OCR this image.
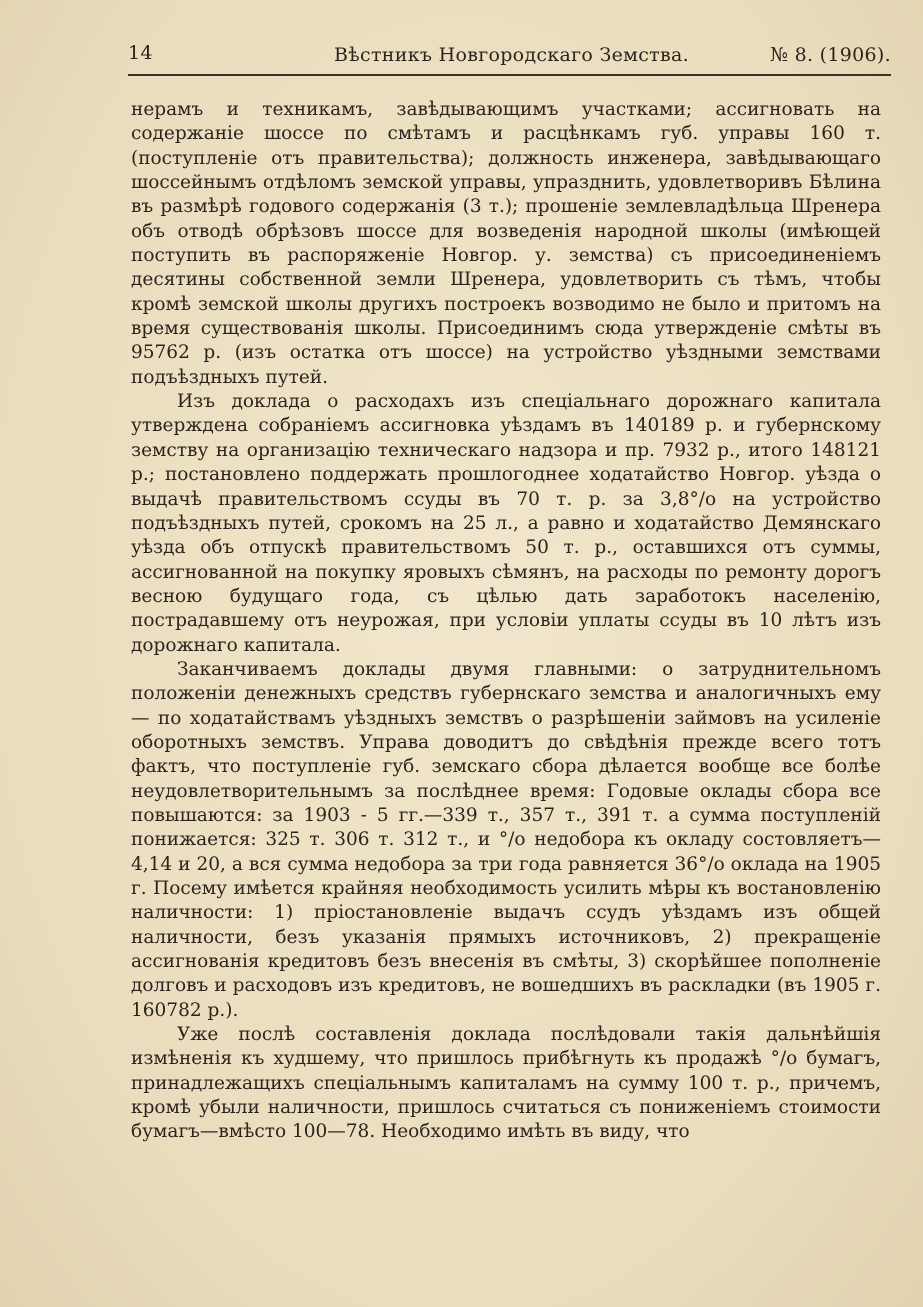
14	Вѣстникъ Новгородскаго Земства.	№ 8. (1906).

нерамъ и техникамъ, завѣдывающимъ участками; ассигновать на содержаніе шоссе по смѣтамъ и расцѣнкамъ губ. управы 160 т. (поступленіе отъ правительства); должность инженера, завѣдывающаго шоссейнымъ отдѣломъ земской управы, упразднить, удовлетворивъ Бѣлина въ размѣрѣ годового содержанія (3 т.); прошеніе землевладѣльца Шренера объ отводѣ обрѣзовъ шоссе для возведенія народной школы (имѣющей поступить въ распоряженіе Новгор. у. земства) съ присоединеніемъ десятины собственной земли Шренера, удовлетворить съ тѣмъ, чтобы кромѣ земской школы другихъ построекъ возводимо не было и притомъ на время существованія школы. Присоединимъ сюда утвержденіе смѣты въ 95762 р. (изъ остатка отъ шоссе) на устройство уѣздными земствами подъѣздныхъ путей.

Изъ доклада о расходахъ изъ спеціальнаго дорожнаго капитала утверждена собраніемъ ассигновка уѣздамъ въ 140189 р. и губернскому земству на организацію техническаго надзора и пр. 7932 р., итого 148121 р.; постановлено поддержать прошлогоднее ходатайство Новгор. уѣзда о выдачѣ правительствомъ ссуды въ 70 т. р. за 3,8°/о на устройство подъѣздныхъ путей, срокомъ на 25 л., а равно и ходатайство Демянскаго уѣзда объ отпускѣ правительствомъ 50 т. р., оставшихся отъ суммы, ассигнованной на покупку яровыхъ сѣмянъ, на расходы по ремонту дорогъ весною будущаго года, съ цѣлью дать заработокъ населенію, пострадавшему отъ неурожая, при условіи уплаты ссуды въ 10 лѣтъ изъ дорожнаго капитала.

Заканчиваемъ доклады двумя главными: о затруднительномъ положеніи денежныхъ средствъ губернскаго земства и аналогичныхъ ему— по ходатайствамъ уѣздныхъ земствъ о разрѣшеніи займовъ на усиленіе оборотныхъ земствъ. Управа доводитъ до свѣдѣнія прежде всего тотъ фактъ, что поступленіе губ. земскаго сбора дѣлается вообще все болѣе неудовлетворительнымъ за послѣднее время: Годовые оклады сбора все повышаются: за 1903 - 5 гг.—339 т., 357 т., 391 т. а сумма поступленій понижается: 325 т. 306 т. 312 т., и °/о недобора къ окладу состовляетъ—4,14 и 20, а вся сумма недобора за три года равняется 36°/о оклада на 1905 г. Посему имѣется крайняя необходимость усилить мѣры къ востановленію наличности: 1) пріостановленіе выдачъ ссудъ уѣздамъ изъ общей наличности, безъ указанія прямыхъ источниковъ, 2) прекращеніе ассигнованія кредитовъ безъ внесенія въ смѣты, 3) скорѣйшее пополненіе долговъ и расходовъ изъ кредитовъ, не вошедшихъ въ раскладки (въ 1905 г. 160782 р.).

Уже послѣ составленія доклада послѣдовали такія дальнѣйшія измѣненія къ худшему, что пришлось прибѣгнуть къ продажѣ °/о бумагъ, принадлежащихъ спеціальнымъ капиталамъ на сумму 100 т. р., причемъ, кромѣ убыли наличности, пришлось считаться съ пониженіемъ стоимости бумагъ—вмѣсто 100—78. Необходимо имѣть въ виду, что
